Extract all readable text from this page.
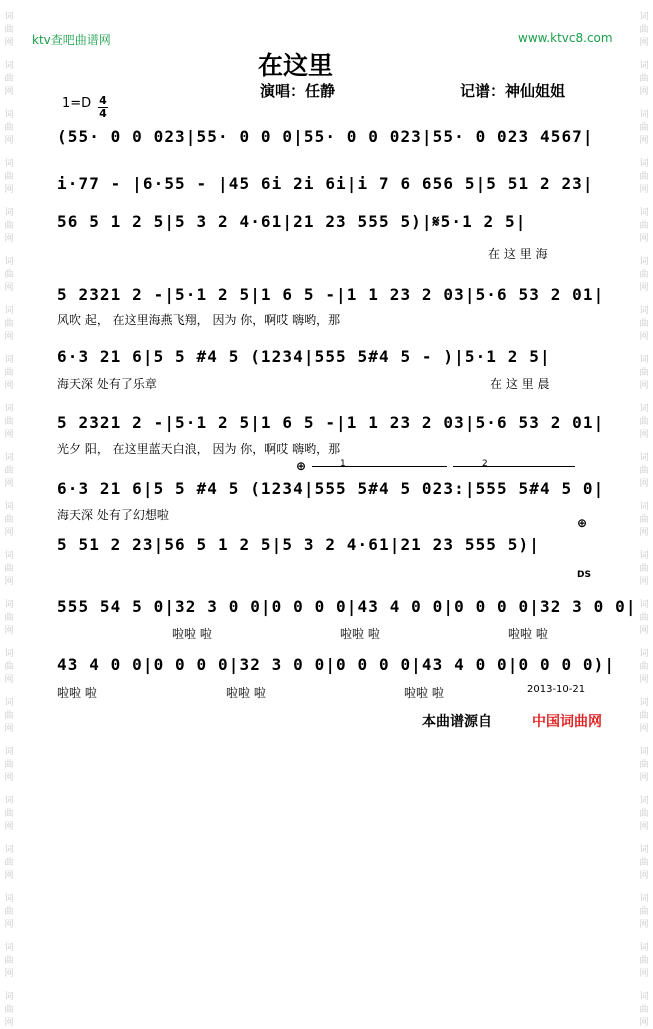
词
曲
网
词
曲
网
词
曲
网
词
曲
网
词
曲
网
词
曲
网
词
曲
网
词
曲
网
词
曲
网
词
曲
网
词
曲
网
词
曲
网
词
曲
网
词
曲
网
词
曲
网
词
曲
网
词
曲
网
词
曲
网
词
曲
网
词
曲
网
词
曲
网
词
曲
网
词
曲
网
词
曲
网
词
曲
网
词
曲
网
词
曲
网
词
曲
网
词
曲
网
词
曲
网
词
曲
网
词
曲
网
词
曲
网
词
曲
网
词
曲
网
词
曲
网
词
曲
网
词
曲
网
词
曲
网
词
曲
网
词
曲
网
词
曲
网
ktv查吧曲谱网	www.ktvc8.com
在这里
演唱：任静	记谱：神仙姐姐
1=D 4
4
(55· 0 0 023|55· 0 0 0|55· 0 0 023|55· 0 023 4567|
i·77 - |6·55 - |45 6i 2i 6i|i 7 6 656 5|5 51 2 23|
56 5 1 2 5|5 3 2 4·61|21 23 555 5)|𝄋5·1 2 5|
在 这 里 海
5 2321 2 -|5·1 2 5|1 6 5 -|1 1 23 2 03|5·6 53 2 01|
风吹 起， 在这里海燕飞翔， 因为 你，啊哎 嗨哟，那
6·3 21 6|5 5 #4 5 (1234|555 5#4 5 - )|5·1 2 5|
海天深 处有了乐章	在 这 里 晨
5 2321 2 -|5·1 2 5|1 6 5 -|1 1 23 2 03|5·6 53 2 01|
光夕 阳， 在这里蓝天白浪， 因为 你，啊哎 嗨哟，那
⊕	1	2
6·3 21 6|5 5 #4 5 (1234|555 5#4 5 023:|555 5#4 5 0|
海天深 处有了幻想啦
⊕
5 51 2 23|56 5 1 2 5|5 3 2 4·61|21 23 555 5)|
DS
555 54 5 0|32 3 0 0|0 0 0 0|43 4 0 0|0 0 0 0|32 3 0 0|
啦啦 啦	啦啦 啦	啦啦 啦
43 4 0 0|0 0 0 0|32 3 0 0|0 0 0 0|43 4 0 0|0 0 0 0)|
啦啦 啦	啦啦 啦	啦啦 啦	2013-10-21
本曲谱源自	中国词曲网
